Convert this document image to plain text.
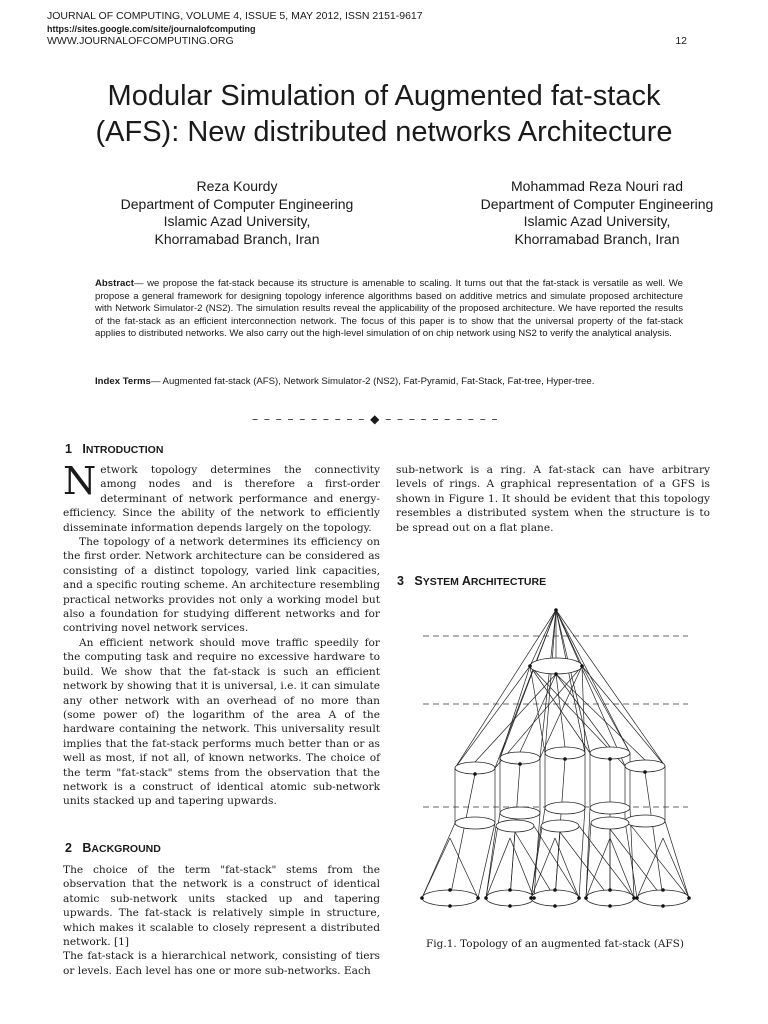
JOURNAL OF COMPUTING, VOLUME 4, ISSUE 5, MAY 2012, ISSN 2151-9617
https://sites.google.com/site/journalofcomputing
WWW.JOURNALOFCOMPUTING.ORG	12
Modular Simulation of Augmented fat-stack
(AFS): New distributed networks Architecture
Reza Kourdy
Department of Computer Engineering
Islamic Azad University,
Khorramabad Branch, Iran
Mohammad Reza Nouri rad
Department of Computer Engineering
Islamic Azad University,
Khorramabad Branch, Iran
Abstract— we propose the fat-stack because its structure is amenable to scaling. It turns out that the fat-stack is versatile as well. We propose a general framework for designing topology inference algorithms based on additive metrics and simulate proposed architecture with Network Simulator-2 (NS2). The simulation results reveal the applicability of the proposed architecture. We have reported the results of the fat-stack as an efficient interconnection network. The focus of this paper is to show that the universal property of the fat-stack applies to distributed networks. We also carry out the high-level simulation of on chip network using NS2 to verify the analytical analysis.
Index Terms— Augmented fat-stack (AFS), Network Simulator-2 (NS2), Fat-Pyramid, Fat-Stack, Fat-tree, Hyper-tree.
– – – – – – – – – – ◆ – – – – – – – – – –
1 INTRODUCTION

Network topology determines the connectivity among nodes and is therefore a first-order determinant of network performance and energy-efficiency. Since the ability of the network to efficiently disseminate information depends largely on the topology.

The topology of a network determines its efficiency on the first order. Network architecture can be considered as consisting of a distinct topology, varied link capacities, and a specific routing scheme. An architecture resembling practical networks provides not only a working model but also a foundation for studying different networks and for contriving novel network services.

An efficient network should move traffic speedily for the computing task and require no excessive hardware to build. We show that the fat-stack is such an efficient network by showing that it is universal, i.e. it can simulate any other network with an overhead of no more than (some power of) the logarithm of the area A of the hardware containing the network. This universality result implies that the fat-stack performs much better than or as well as most, if not all, of known networks. The choice of the term "fat-stack" stems from the observation that the network is a construct of identical atomic sub-network units stacked up and tapering upwards.

2 BACKGROUND

The choice of the term "fat-stack" stems from the observation that the network is a construct of identical atomic sub-network units stacked up and tapering upwards. The fat-stack is relatively simple in structure, which makes it scalable to closely represent a distributed network. [1]

The fat-stack is a hierarchical network, consisting of tiers or levels. Each level has one or more sub-networks. Each

sub-network is a ring. A fat-stack can have arbitrary levels of rings. A graphical representation of a GFS is shown in Figure 1. It should be evident that this topology resembles a distributed system when the structure is to be spread out on a flat plane.

3 SYSTEM ARCHITECTURE
Fig.1. Topology of an augmented fat-stack (AFS)
